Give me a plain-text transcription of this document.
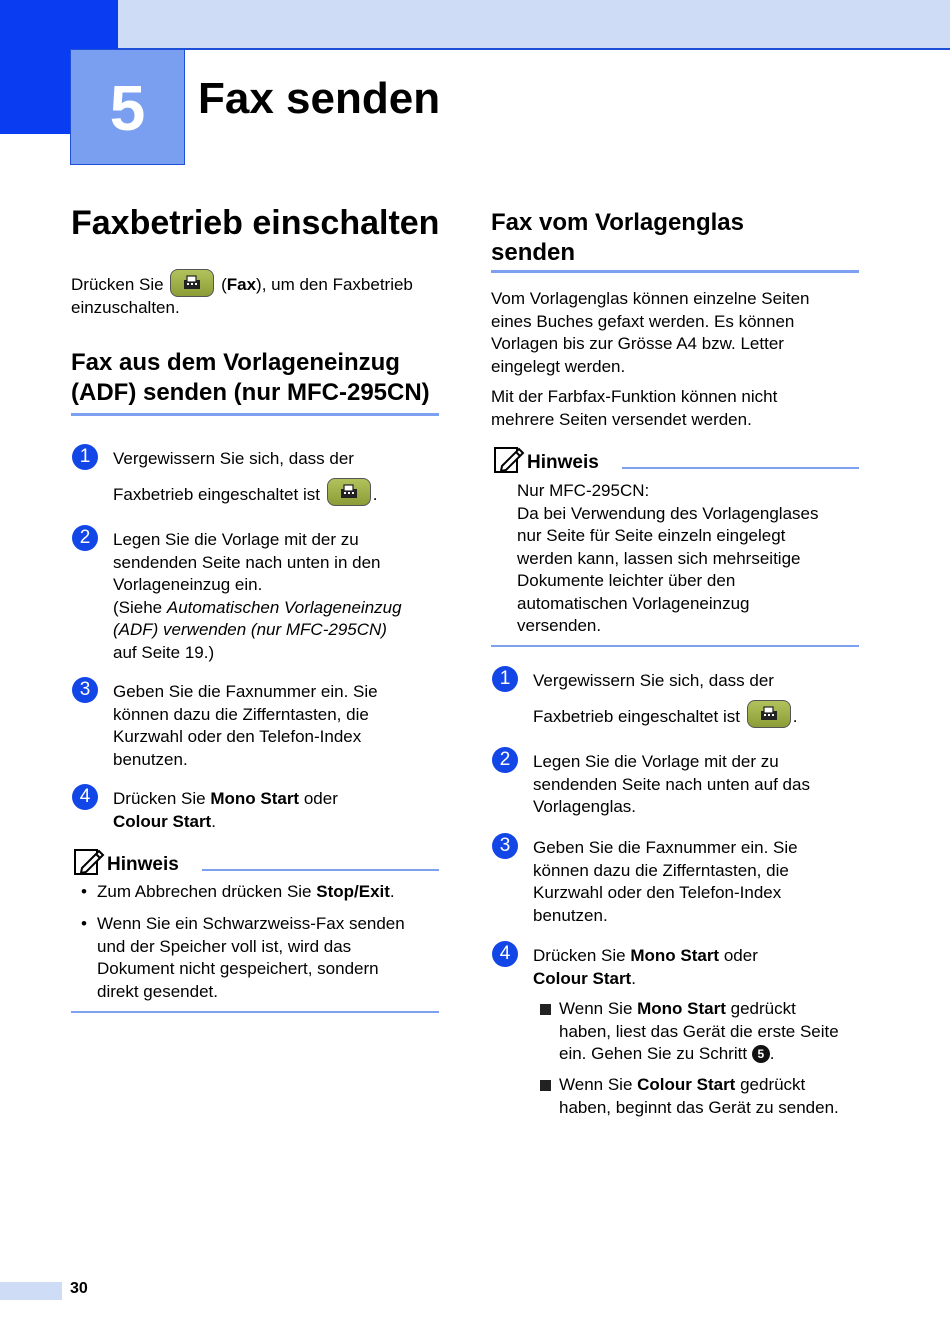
5	Fax senden
Faxbetrieb einschalten
Drücken Sie	(Fax), um den Faxbetrieb
einzuschalten.
Fax aus dem Vorlageneinzug
(ADF) senden (nur MFC-295CN)
1	Vergewissern Sie sich, dass der
Faxbetrieb eingeschaltet ist	.
2	Legen Sie die Vorlage mit der zu
sendenden Seite nach unten in den
Vorlageneinzug ein.
(Siehe Automatischen Vorlageneinzug
(ADF) verwenden (nur MFC-295CN)
auf Seite 19.)
3	Geben Sie die Faxnummer ein. Sie
können dazu die Zifferntasten, die
Kurzwahl oder den Telefon-Index
benutzen.
4	Drücken Sie Mono Start oder
Colour Start.
Hinweis
• Zum Abbrechen drücken Sie Stop/Exit.
• Wenn Sie ein Schwarzweiss-Fax senden
und der Speicher voll ist, wird das
Dokument nicht gespeichert, sondern
direkt gesendet.
Fax vom Vorlagenglas
senden
Vom Vorlagenglas können einzelne Seiten
eines Buches gefaxt werden. Es können
Vorlagen bis zur Grösse A4 bzw. Letter
eingelegt werden.
Mit der Farbfax-Funktion können nicht
mehrere Seiten versendet werden.
Hinweis
Nur MFC-295CN:
Da bei Verwendung des Vorlagenglases
nur Seite für Seite einzeln eingelegt
werden kann, lassen sich mehrseitige
Dokumente leichter über den
automatischen Vorlageneinzug
versenden.
1	Vergewissern Sie sich, dass der
Faxbetrieb eingeschaltet ist	.
2	Legen Sie die Vorlage mit der zu
sendenden Seite nach unten auf das
Vorlagenglas.
3	Geben Sie die Faxnummer ein. Sie
können dazu die Zifferntasten, die
Kurzwahl oder den Telefon-Index
benutzen.
4	Drücken Sie Mono Start oder
Colour Start.
Wenn Sie Mono Start gedrückt
haben, liest das Gerät die erste Seite
ein. Gehen Sie zu Schritt 5 .
Wenn Sie Colour Start gedrückt
haben, beginnt das Gerät zu senden.
30
